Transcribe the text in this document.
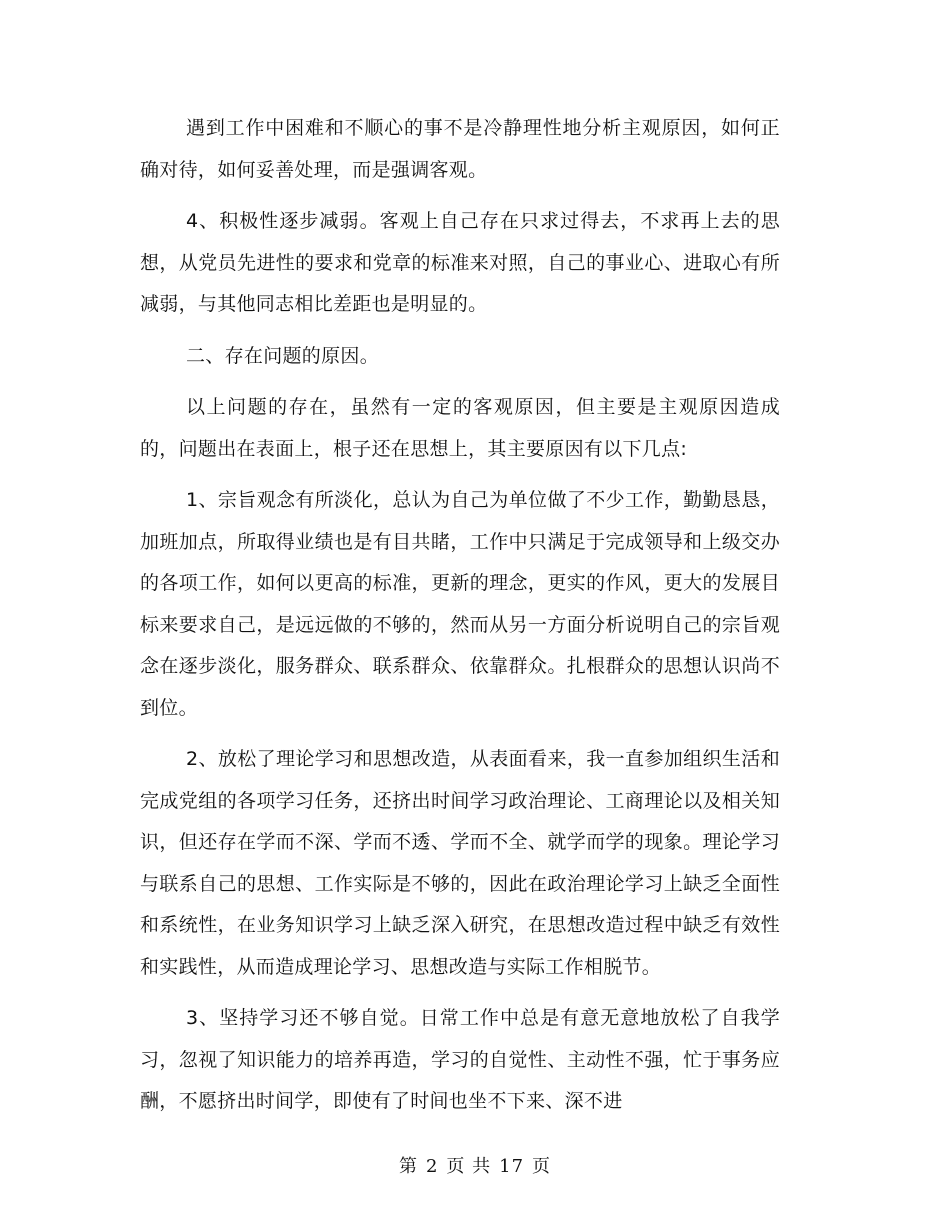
遇到工作中困难和不顺心的事不是冷静理性地分析主观原因，如何正确对待，如何妥善处理，而是强调客观。

4、积极性逐步减弱。客观上自己存在只求过得去，不求再上去的思想，从党员先进性的要求和党章的标准来对照，自己的事业心、进取心有所减弱，与其他同志相比差距也是明显的。

二、存在问题的原因。

以上问题的存在，虽然有一定的客观原因，但主要是主观原因造成的，问题出在表面上，根子还在思想上，其主要原因有以下几点:

1、宗旨观念有所淡化，总认为自己为单位做了不少工作，勤勤恳恳，加班加点，所取得业绩也是有目共睹，工作中只满足于完成领导和上级交办的各项工作，如何以更高的标准，更新的理念，更实的作风，更大的发展目标来要求自己，是远远做的不够的，然而从另一方面分析说明自己的宗旨观念在逐步淡化，服务群众、联系群众、依靠群众。扎根群众的思想认识尚不到位。

2、放松了理论学习和思想改造，从表面看来，我一直参加组织生活和完成党组的各项学习任务，还挤出时间学习政治理论、工商理论以及相关知识，但还存在学而不深、学而不透、学而不全、就学而学的现象。理论学习与联系自己的思想、工作实际是不够的，因此在政治理论学习上缺乏全面性和系统性，在业务知识学习上缺乏深入研究，在思想改造过程中缺乏有效性和实践性，从而造成理论学习、思想改造与实际工作相脱节。

3、坚持学习还不够自觉。日常工作中总是有意无意地放松了自我学习，忽视了知识能力的培养再造，学习的自觉性、主动性不强，忙于事务应酬，不愿挤出时间学，即使有了时间也坐不下来、深不进

第 2 页 共 17 页
